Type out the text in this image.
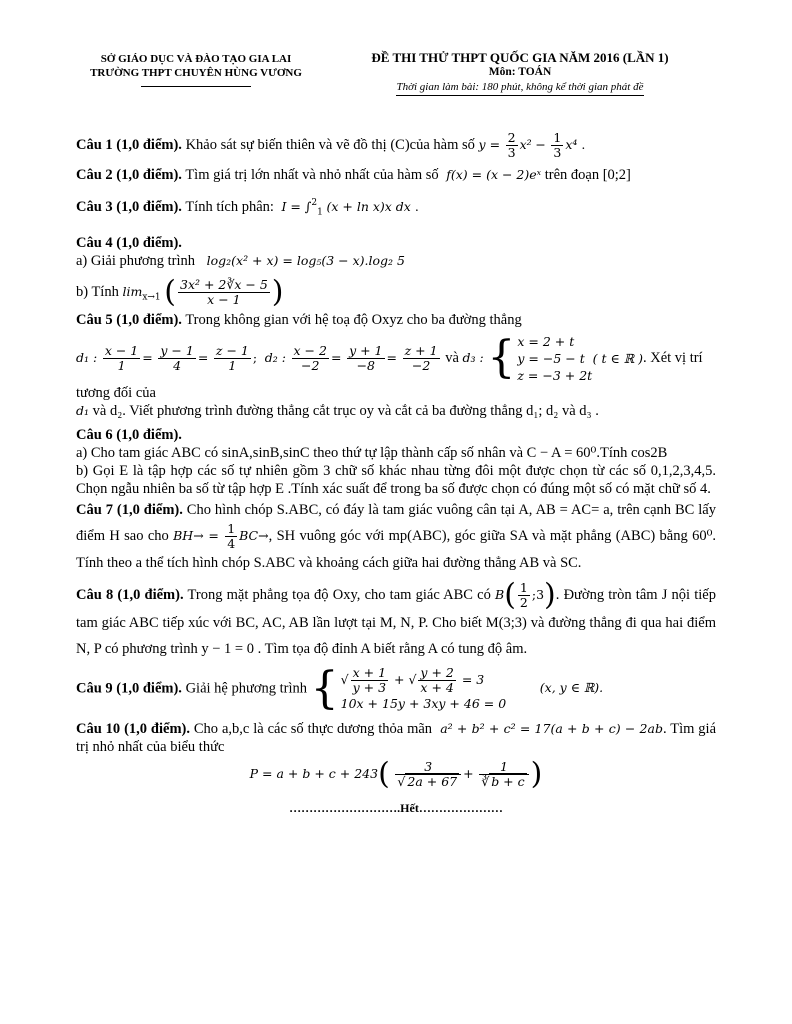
SỞ GIÁO DỤC VÀ ĐÀO TẠO GIA LAI
TRƯỜNG THPT CHUYÊN HÙNG VƯƠNG
ĐỀ THI THỬ THPT QUỐC GIA NĂM 2016 (LẦN 1)
Môn: TOÁN
Thời gian làm bài: 180 phút, không kể thời gian phát đề

Câu 1 (1,0 điểm). Khảo sát sự biến thiên và vẽ đồ thị (C)của hàm số $y = \frac{2}{3} x^2 - \frac{1}{3} x^4$ .

Câu 2 (1,0 điểm). Tìm giá trị lớn nhất và nhỏ nhất của hàm số  f(x) = (x − 2)eˣ trên đoạn [0;2]

Câu 3 (1,0 điểm). Tính tích phân:  I = ∫$^2_1$ (x + ln x)x dx .

Câu 4 (1,0 điểm).

a) Giải phương trình   log₂(x² + x) = log₅(3 − x).log₂ 5

b) Tính $\lim_{x\to 1}$ ( $\frac{\text{3x² + 2∛x − 5}}{x - 1}$ )

Câu 5 (1,0 điểm). Trong không gian với hệ toạ độ Oxyz cho ba đường thẳng

d₁ : $\frac{x - 1}{1} = \frac{y - 1}{4} = \frac{z - 1}{1}$ ;  d₂ : $\frac{x - 2}{-2} = \frac{y + 1}{-8} = \frac{z + 1}{-2}$ và d₃ : { x = 2 + t
y = −5 − t  ( t ∈ ℝ )
z = −3 + 2t
. Xét vị trí tương đối của

d₁ và d₂. Viết phương trình đường thẳng cắt trục oy và cắt cả ba đường thẳng d₁; d₂ và d₃ .

Câu 6 (1,0 điểm).

a) Cho tam giác ABC có sinA,sinB,sinC theo thứ tự lập thành cấp số nhân và C − A = 60⁰.Tính cos2B

b) Gọi E là tập hợp các số tự nhiên gồm 3 chữ số khác nhau từng đôi một được chọn từ các số 0,1,2,3,4,5. Chọn ngẫu nhiên ba số từ tập hợp E .Tính xác suất để trong ba số được chọn có đúng một số có mặt chữ số 4.

Câu 7 (1,0 điểm). Cho hình chóp S.ABC, có đáy là tam giác vuông cân tại A, AB = AC= a, trên cạnh BC lấy điểm H sao cho $BH\to = \frac{1}{4} BC\to$, SH vuông góc với mp(ABC), góc giữa SA và mặt phẳng (ABC) bằng 60⁰. Tính theo a thể tích hình chóp S.ABC và khoảng cách giữa hai đường thẳng AB và SC.

Câu 8 (1,0 điểm). Trong mặt phẳng tọa độ Oxy, cho tam giác ABC có $B( \frac{1}{2}$ ;3). Đường tròn tâm J nội tiếp tam giác ABC tiếp xúc với BC, AC, AB lần lượt tại M, N, P. Cho biết M(3;3) và đường thẳng đi qua hai điểm N, P có phương trình y − 1 = 0 . Tìm tọa độ đỉnh A biết rằng A có tung độ âm.

Câu 9 (1,0 điểm). Giải hệ phương trình { √ $\frac{x + 1}{y + 3}$ + √ $\frac{y + 2}{x + 4} = 3$
10x + 15y + 3xy + 46 = 0
(x, y ∈ ℝ).

Câu 10 (1,0 điểm). Cho a,b,c là các số thực dương thỏa mãn  a² + b² + c² = 17(a + b + c) − 2ab. Tìm giá trị nhỏ nhất của biểu thức

$P = a + b + c + 243( \frac{3}{√ 2a + 67} + \frac{1}{∛ b + c}$ )

……………………….Hết…………………
